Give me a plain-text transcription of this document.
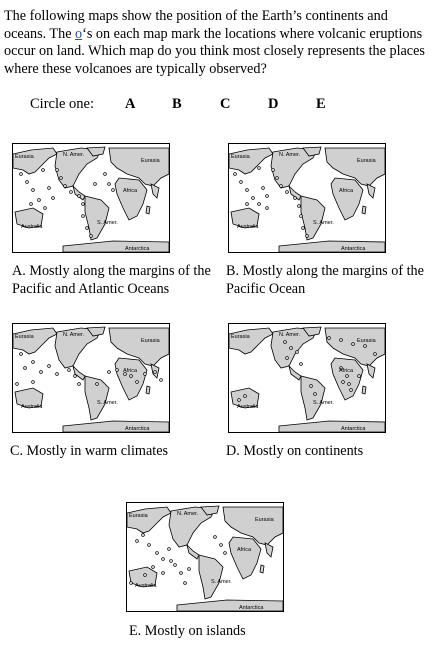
The following maps show the position of the Earth’s continents and oceans. The o‘s on each map mark the locations where volcanic eruptions occur on land. Which map do you think most closely represents the places where these volcanoes are typically observed?
Circle one: A	B	C	D	E
Eurasia	N. Amer.
Eurasia
Africa
Australia
S. Amer.
Antarctica
A. Mostly along the margins of the Pacific and Atlantic Oceans
Eurasia	N. Amer.
Eurasia
Africa
Australia
S. Amer.
Antarctica
B. Mostly along the margins of the Pacific Ocean
Eurasia	N. Amer.
Eurasia
Africa
Australia
S. Amer.
Antarctica
C. Mostly in warm climates
Eurasia	N. Amer.
Eurasia
Africa
Australia
S. Amer.
Antarctica
D. Mostly on continents
Eurasia	N. Amer.
Eurasia
Africa
Australia
S. Amer.
Antarctica
E. Mostly on islands
